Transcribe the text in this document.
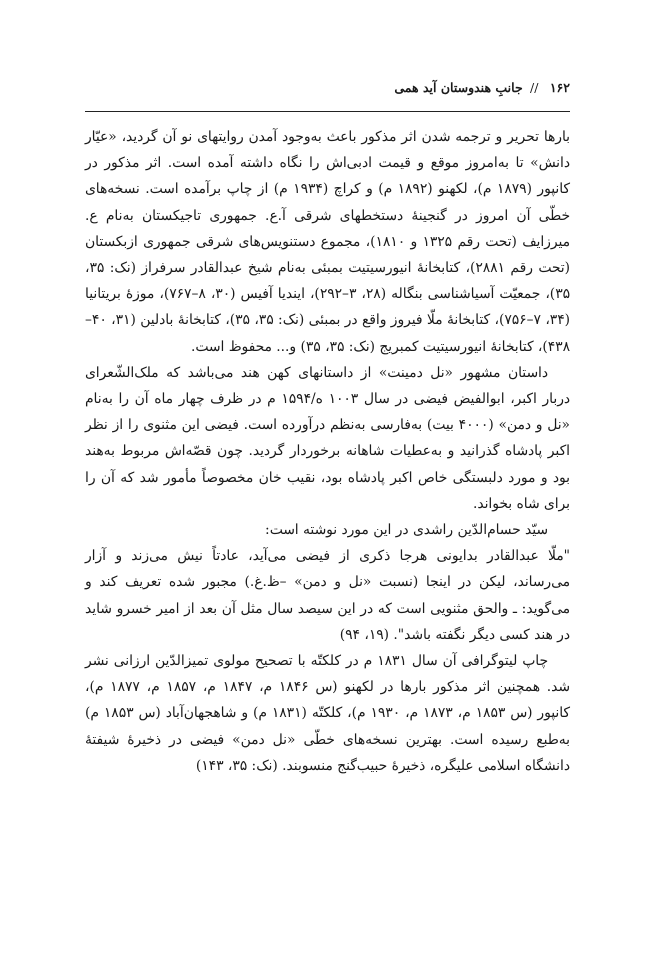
۱۶۲ // جانبِ هندوستان آید همی

بارها تحریر و ترجمه شدن اثر مذکور باعث به‌وجود آمدن روایتهای نو آن گردید، «عیّار دانش» تا به‌امروز موقع و قیمت ادبی‌اش را نگاه داشته آمده است. اثر مذکور در کانپور (۱۸۷۹ م)، لکهنو (۱۸۹۲ م) و کراچ (۱۹۳۴ م) از چاپ برآمده است. نسخه‌های خطّی آن امروز در گنجینهٔ دستخطهای شرقی آ.ع. جمهوری تاجیکستان به‌نام ع. میرزایف (تحت رقم ۱۳۲۵ و ۱۸۱۰)، مجموع دستنویس‌های شرقی جمهوری ازبکستان (تحت رقم ۲۸۸۱)، کتابخانهٔ انیورسیتیت بمبئی به‌نام شیخ عبدالقادر سرفراز (نک: ۳۵، ۳۵)، جمعیّت آسیاشناسی بنگاله (۲۸، ۳–۲۹۲)، ایندیا آفیس (۳۰، ۸–۷۶۷)، موزهٔ بریتانیا (۳۴، ۷–۷۵۶)، کتابخانهٔ ملّا فیروز واقع در بمبئی (نک: ۳۵، ۳۵)، کتابخانهٔ بادلین (۳۱، ۴۰–۴۳۸)، کتابخانهٔ انیورسیتیت کمبریج (نک: ۳۵، ۳۵) و... محفوظ است.

داستان مشهور «نل دمینت» از داستانهای کهن هند می‌باشد که ملک‌الشّعرای دربار اکبر، ابوالفیض فیضی در سال ۱۰۰۳ ه/۱۵۹۴ م در ظرف چهار ماه آن را به‌نام «نل و دمن» (۴۰۰۰ بیت) به‌فارسی به‌نظم درآورده است. فیضی این مثنوی را از نظر اکبر پادشاه گذرانید و به‌عطیات شاهانه برخوردار گردید. چون قصّه‌اش مربوط به‌هند بود و مورد دلبستگی خاص اکبر پادشاه بود، نقیب خان مخصوصاً مأمور شد که آن را برای شاه بخواند.

سیّد حسام‌الدّین راشدی در این مورد نوشته است:

"ملّا عبدالقادر بدایونی هرجا ذکری از فیضی می‌آید، عادتاً نیش می‌زند و آزار می‌رساند، لیکن در اینجا (نسبت «نل و دمن» –ظ.غ.) مجبور شده تعریف کند و می‌گوید: ـ والحق مثنویی است که در این سیصد سال مثل آن بعد از امیر خسرو شاید در هند کسی دیگر نگفته باشد". (۱۹، ۹۴)

چاپ لیتوگرافی آن سال ۱۸۳۱ م در کلکتّه با تصحیح مولوی تمیزالدّین ارزانی نشر شد. همچنین اثر مذکور بارها در لکهنو (س ۱۸۴۶ م، ۱۸۴۷ م، ۱۸۵۷ م، ۱۸۷۷ م)، کانپور (س ۱۸۵۳ م، ۱۸۷۳ م، ۱۹۳۰ م)، کلکتّه (۱۸۳۱ م) و شاهجهان‌آباد (س ۱۸۵۳ م) به‌طبع رسیده است. بهترین نسخه‌های خطّی «نل دمن» فیضی در ذخیرهٔ شیفتهٔ دانشگاه اسلامی علیگره، ذخیرهٔ حبیب‌گنج منسوبند. (نک: ۳۵، ۱۴۳)
